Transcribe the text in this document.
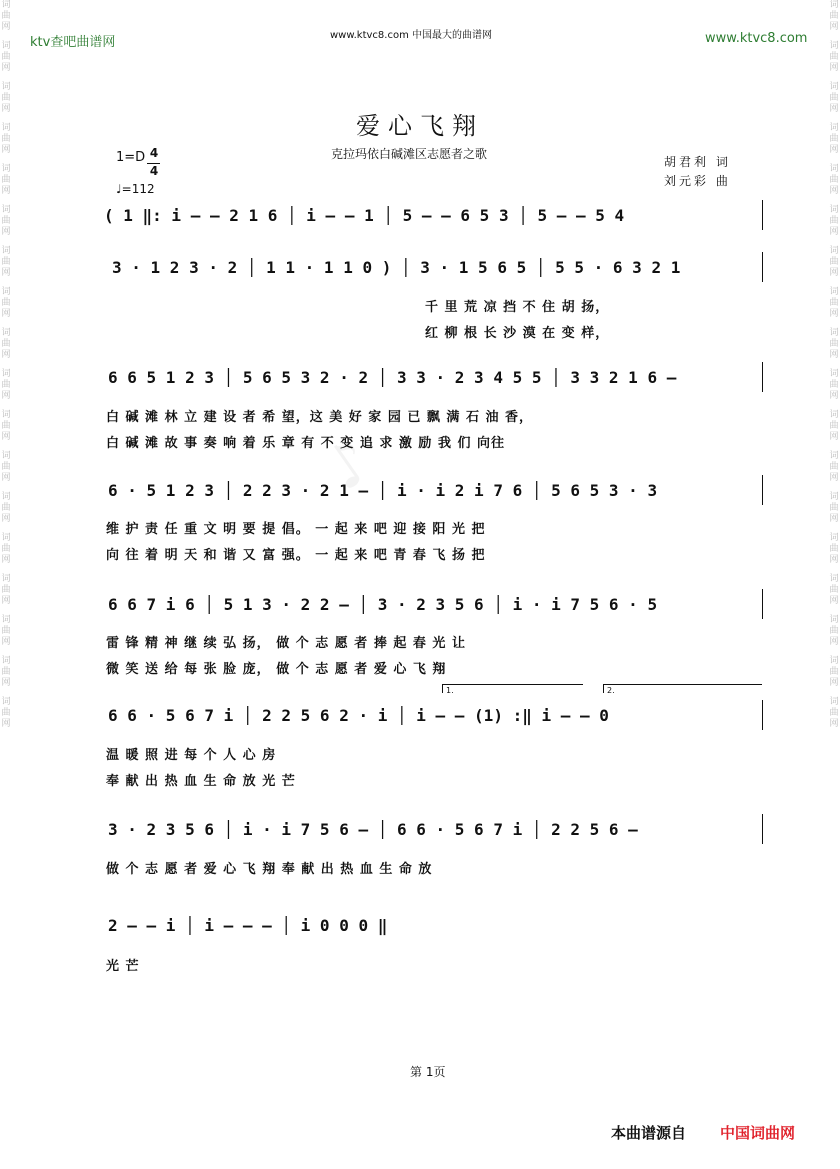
词
曲
网
词
曲
网
词
曲
网
词
曲
网
词
曲
网
词
曲
网
词
曲
网
词
曲
网
词
曲
网
词
曲
网
词
曲
网
词
曲
网
词
曲
网
词
曲
网
词
曲
网
词
曲
网
词
曲
网
词
曲
网
词
曲
网
词
曲
网
词
曲
网
词
曲
网
词
曲
网
词
曲
网
词
曲
网
词
曲
网
词
曲
网
词
曲
网
词
曲
网
词
曲
网
词
曲
网
词
曲
网
词
曲
网
词
曲
网
词
曲
网
词
曲
网
ktv查吧曲谱网	www.ktvc8.com 中国最大的曲谱网	www.ktvc8.com
爱心飞翔
克拉玛依白碱滩区志愿者之歌
胡君利 词
刘元彩 曲
1=D 4
4
♩=112
♪
( 1 ‖: i – – 2 1 6 │ i – – 1 │ 5 – – 6 5 3 │ 5 – – 5 4
3 · 1 2 3 · 2 │ 1 1 · 1 1 0 ) │ 3 · 1 5 6 5 │ 5 5 · 6 3 2 1
千 里 荒 凉 挡 不 住 胡 扬，
红 柳 根 长 沙 漠 在 变 样，
6 6 5 1 2 3 │ 5 6 5 3 2 · 2 │ 3 3 · 2 3 4 5 5 │ 3 3 2 1 6 –
白 碱 滩 林 立 建 设 者 希 望，这 美 好 家 园 已 飘 满 石 油 香，
白 碱 滩 故 事 奏 响 着 乐 章 有 不 变 追 求 激 励 我 们 向往
6 · 5 1 2 3 │ 2 2 3 · 2 1 – │ i · i 2 i 7 6 │ 5 6 5 3 · 3
维 护 责 任 重 文 明 要 提 倡。 一 起 来 吧 迎 接 阳 光 把
向 往 着 明 天 和 谐 又 富 强。 一 起 来 吧 青 春 飞 扬 把
6 6 7 i 6 │ 5 1 3 · 2 2 – │ 3 · 2 3 5 6 │ i · i 7 5 6 · 5
雷 锋 精 神 继 续 弘 扬， 做 个 志 愿 者 捧 起 春 光 让
微 笑 送 给 每 张 脸 庞， 做 个 志 愿 者 爱 心 飞 翔
1.	2.
6 6 · 5 6 7 i │ 2 2 5 6 2 · i │ i – – (1) :‖ i – – 0
温 暖 照 进 每 个 人 心 房
奉 献 出 热 血 生 命 放 光 芒
3 · 2 3 5 6 │ i · i 7 5 6 – │ 6 6 · 5 6 7 i │ 2 2 5 6 –
做 个 志 愿 者 爱 心 飞 翔 奉 献 出 热 血 生 命 放
2 – – i │ i – – – │ i 0 0 0 ‖
光 芒
第 1页
本曲谱源自 中国词曲网
